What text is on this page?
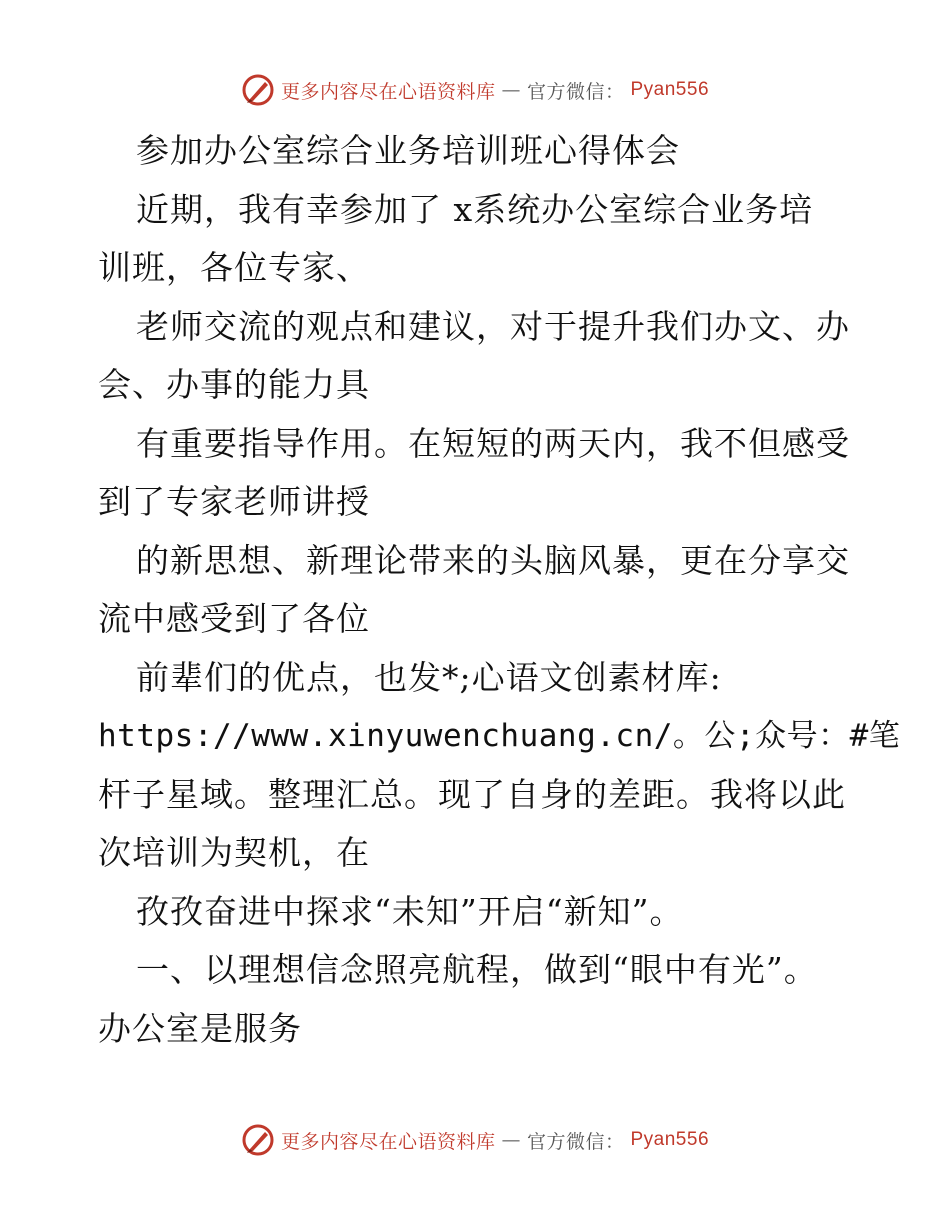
更多内容尽在心语资料库 — 官方微信： Pyan556
参加办公室综合业务培训班心得体会
近期，我有幸参加了 x系统办公室综合业务培
训班，各位专家、
老师交流的观点和建议，对于提升我们办文、办
会、办事的能力具
有重要指导作用。在短短的两天内，我不但感受
到了专家老师讲授
的新思想、新理论带来的头脑风暴，更在分享交
流中感受到了各位
前辈们的优点，也发*;心语文创素材库:
https://www.xinyuwenchuang.cn/。公;众号：#笔
杆子星域。整理汇总。现了自身的差距。我将以此
次培训为契机，在
孜孜奋进中探求“未知”开启“新知”。
一、以理想信念照亮航程，做到“眼中有光”。
办公室是服务
更多内容尽在心语资料库 — 官方微信： Pyan556
